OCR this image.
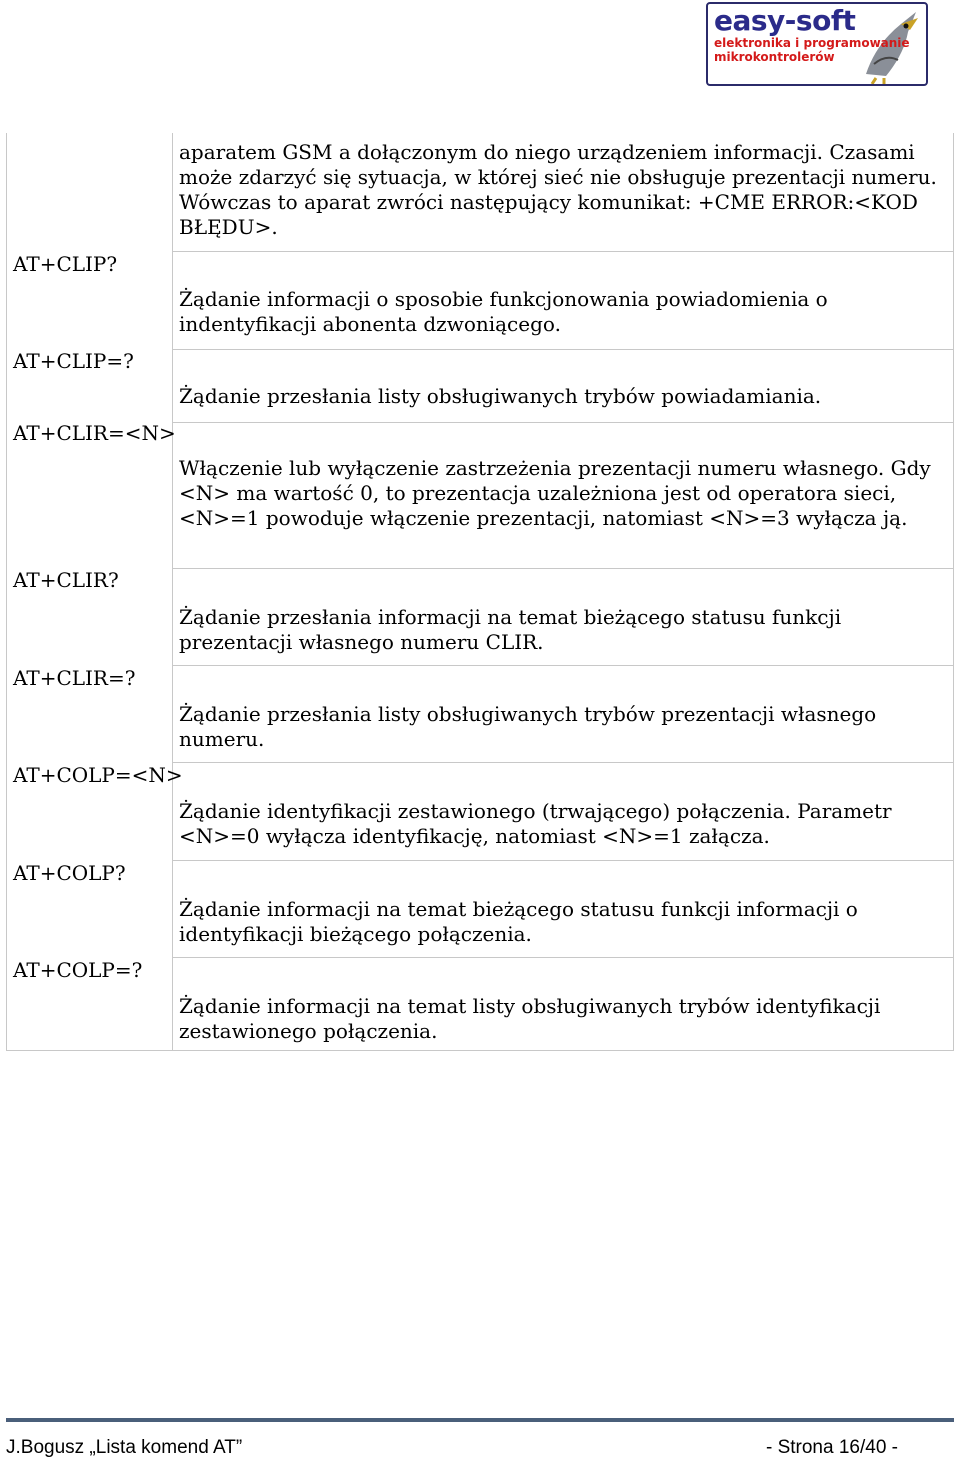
easy-soft
elektronika i programowanie
mikrokontrolerów
aparatem GSM a dołączonym do niego urządzeniem informacji. Czasami może zdarzyć się sytuacja, w której sieć nie obsługuje prezentacji numeru. Wówczas to aparat zwróci następujący komunikat: +CME ERROR:<KOD BŁĘDU>.
AT+CLIP?
Żądanie informacji o sposobie funkcjonowania powiadomienia o indentyfikacji abonenta dzwoniącego.
AT+CLIP=?
Żądanie przesłania listy obsługiwanych trybów powiadamiania.
AT+CLIR=<N>
Włączenie lub wyłączenie zastrzeżenia prezentacji numeru własnego. Gdy <N> ma wartość 0, to prezentacja uzależniona jest od operatora sieci, <N>=1 powoduje włączenie prezentacji, natomiast <N>=3 wyłącza ją.
AT+CLIR?
Żądanie przesłania informacji na temat bieżącego statusu funkcji prezentacji własnego numeru CLIR.
AT+CLIR=?
Żądanie przesłania listy obsługiwanych trybów prezentacji własnego numeru.
AT+COLP=<N>
Żądanie identyfikacji zestawionego (trwającego) połączenia. Parametr <N>=0 wyłącza identyfikację, natomiast <N>=1 załącza.
AT+COLP?
Żądanie informacji na temat bieżącego statusu funkcji informacji o identyfikacji bieżącego połączenia.
AT+COLP=?
Żądanie informacji na temat listy obsługiwanych trybów identyfikacji zestawionego połączenia.
J.Bogusz „Lista komend AT”	- Strona 16/40 -
